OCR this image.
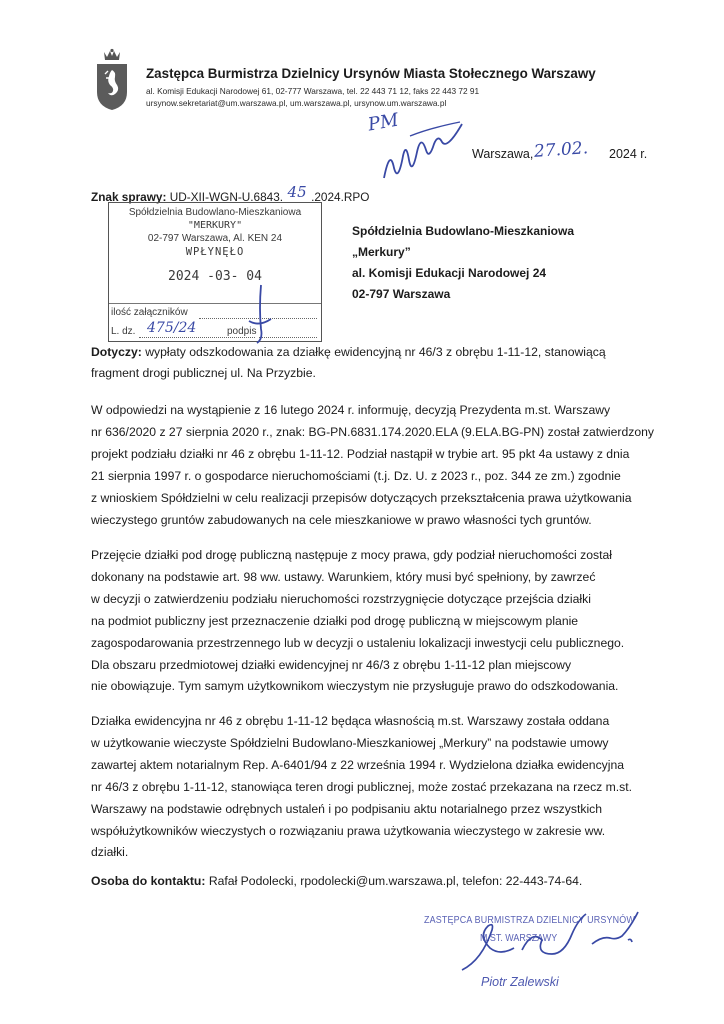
Zastępca Burmistrza Dzielnicy Ursynów Miasta Stołecznego Warszawy
al. Komisji Edukacji Narodowej 61, 02-777 Warszawa, tel. 22 443 71 12, faks 22 443 72 91
ursynow.sekretariat@um.warszawa.pl, um.warszawa.pl, ursynow.um.warszawa.pl
PM
Warszawa, 27.02. 2024 r.
Znak sprawy: UD-XII-WGN-U.6843. 45 .2024.RPO
Spółdzielnia Budowlano-Mieszkaniowa
"MERKURY"
02-797 Warszawa, Al. KEN 24
WPŁYNĘŁO
2024 -03- 04
ilość załączników
L. dz. 475/24	podpis
Spółdzielnia Budowlano-Mieszkaniowa
„Merkury”
al. Komisji Edukacji Narodowej 24
02-797 Warszawa
Dotyczy: wypłaty odszkodowania za działkę ewidencyjną nr 46/3 z obrębu 1-11-12, stanowiącą fragment drogi publicznej ul. Na Przyzbie.
W odpowiedzi na wystąpienie z 16 lutego 2024 r. informuję, decyzją Prezydenta m.st. Warszawy
nr 636/2020 z 27 sierpnia 2020 r., znak: BG-PN.6831.174.2020.ELA (9.ELA.BG-PN) został zatwierdzony
projekt podziału działki nr 46 z obrębu 1-11-12. Podział nastąpił w trybie art. 95 pkt 4a ustawy z dnia
21 sierpnia 1997 r. o gospodarce nieruchomościami (t.j. Dz. U. z 2023 r., poz. 344 ze zm.) zgodnie
z wnioskiem Spółdzielni w celu realizacji przepisów dotyczących przekształcenia prawa użytkowania
wieczystego gruntów zabudowanych na cele mieszkaniowe w prawo własności tych gruntów.
Przejęcie działki pod drogę publiczną następuje z mocy prawa, gdy podział nieruchomości został
dokonany na podstawie art. 98 ww. ustawy. Warunkiem, który musi być spełniony, by zawrzeć
w decyzji o zatwierdzeniu podziału nieruchomości rozstrzygnięcie dotyczące przejścia działki
na podmiot publiczny jest przeznaczenie działki pod drogę publiczną w miejscowym planie
zagospodarowania przestrzennego lub w decyzji o ustaleniu lokalizacji inwestycji celu publicznego.
Dla obszaru przedmiotowej działki ewidencyjnej nr 46/3 z obrębu 1-11-12 plan miejscowy
nie obowiązuje. Tym samym użytkownikom wieczystym nie przysługuje prawo do odszkodowania.
Działka ewidencyjna nr 46 z obrębu 1-11-12 będąca własnością m.st. Warszawy została oddana
w użytkowanie wieczyste Spółdzielni Budowlano-Mieszkaniowej „Merkury” na podstawie umowy
zawartej aktem notarialnym Rep. A-6401/94 z 22 września 1994 r. Wydzielona działka ewidencyjna
nr 46/3 z obrębu 1-11-12, stanowiąca teren drogi publicznej, może zostać przekazana na rzecz m.st.
Warszawy na podstawie odrębnych ustaleń i po podpisaniu aktu notarialnego przez wszystkich
współużytkowników wieczystych o rozwiązaniu prawa użytkowania wieczystego w zakresie ww.
działki.
Osoba do kontaktu: Rafał Podolecki, rpodolecki@um.warszawa.pl, telefon: 22-443-74-64.
ZASTĘPCA BURMISTRZA DZIELNICY URSYNÓW
M.ST. WARSZAWY
Piotr Zalewski
